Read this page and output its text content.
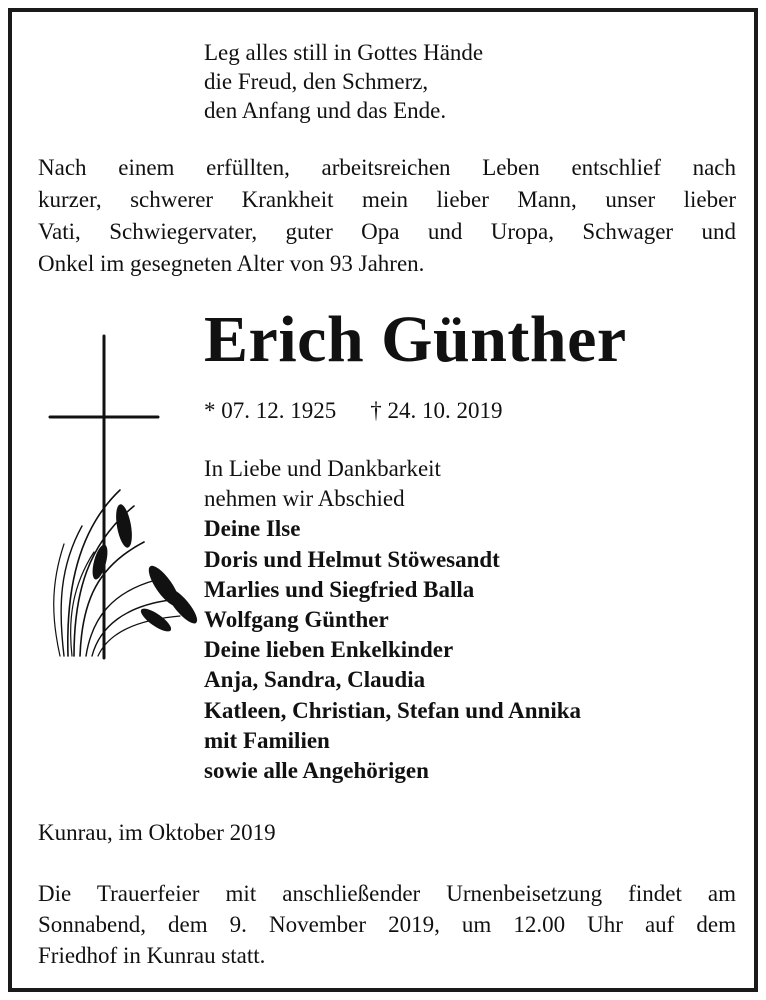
Leg alles still in Gottes Hände
die Freud, den Schmerz,
den Anfang und das Ende.
Nach einem erfüllten, arbeitsreichen Leben entschlief nach
kurzer, schwerer Krankheit mein lieber Mann, unser lieber
Vati, Schwiegervater, guter Opa und Uropa, Schwager und
Onkel im gesegneten Alter von 93 Jahren.
Erich Günther
* 07. 12. 1925 † 24. 10. 2019
In Liebe und Dankbarkeit
nehmen wir Abschied
Deine Ilse
Doris und Helmut Stöwesandt
Marlies und Siegfried Balla
Wolfgang Günther
Deine lieben Enkelkinder
Anja, Sandra, Claudia
Katleen, Christian, Stefan und Annika
mit Familien
sowie alle Angehörigen
Kunrau, im Oktober 2019
Die Trauerfeier mit anschließender Urnenbeisetzung findet am
Sonnabend, dem 9. November 2019, um 12.00 Uhr auf dem
Friedhof in Kunrau statt.
